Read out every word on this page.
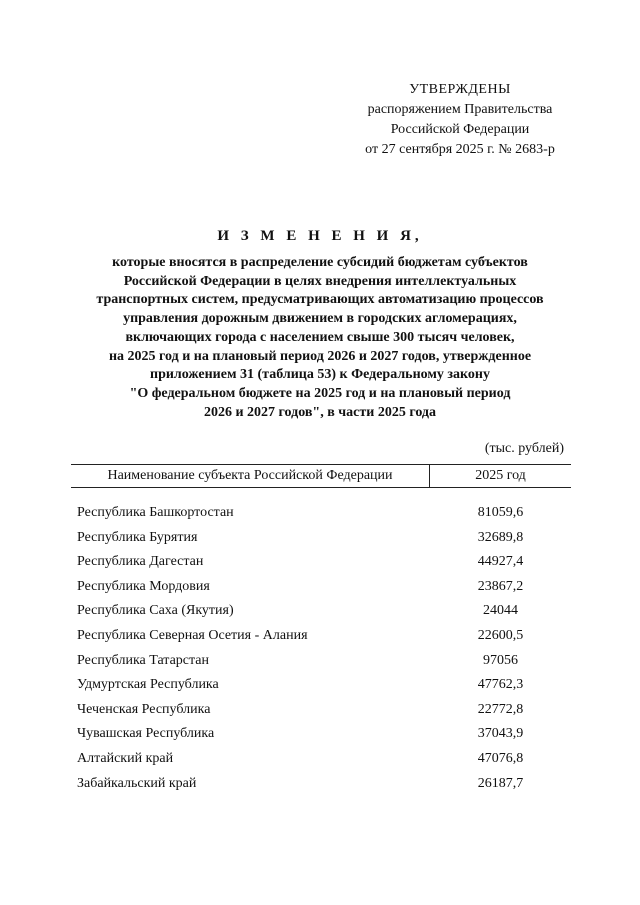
УТВЕРЖДЕНЫ
распоряжением Правительства
Российской Федерации
от 27 сентября 2025 г. № 2683-р
И З М Е Н Е Н И Я,
которые вносятся в распределение субсидий бюджетам субъектов
Российской Федерации в целях внедрения интеллектуальных
транспортных систем, предусматривающих автоматизацию процессов
управления дорожным движением в городских агломерациях,
включающих города с населением свыше 300 тысяч человек,
на 2025 год и на плановый период 2026 и 2027 годов, утвержденное
приложением 31 (таблица 53) к Федеральному закону
"О федеральном бюджете на 2025 год и на плановый период
2026 и 2027 годов", в части 2025 года
(тыс. рублей)
Наименование субъекта Российской Федерации	2025 год
Республика Башкортостан	81059,6
Республика Бурятия	32689,8
Республика Дагестан	44927,4
Республика Мордовия	23867,2
Республика Саха (Якутия)	24044
Республика Северная Осетия - Алания	22600,5
Республика Татарстан	97056
Удмуртская Республика	47762,3
Чеченская Республика	22772,8
Чувашская Республика	37043,9
Алтайский край	47076,8
Забайкальский край	26187,7
